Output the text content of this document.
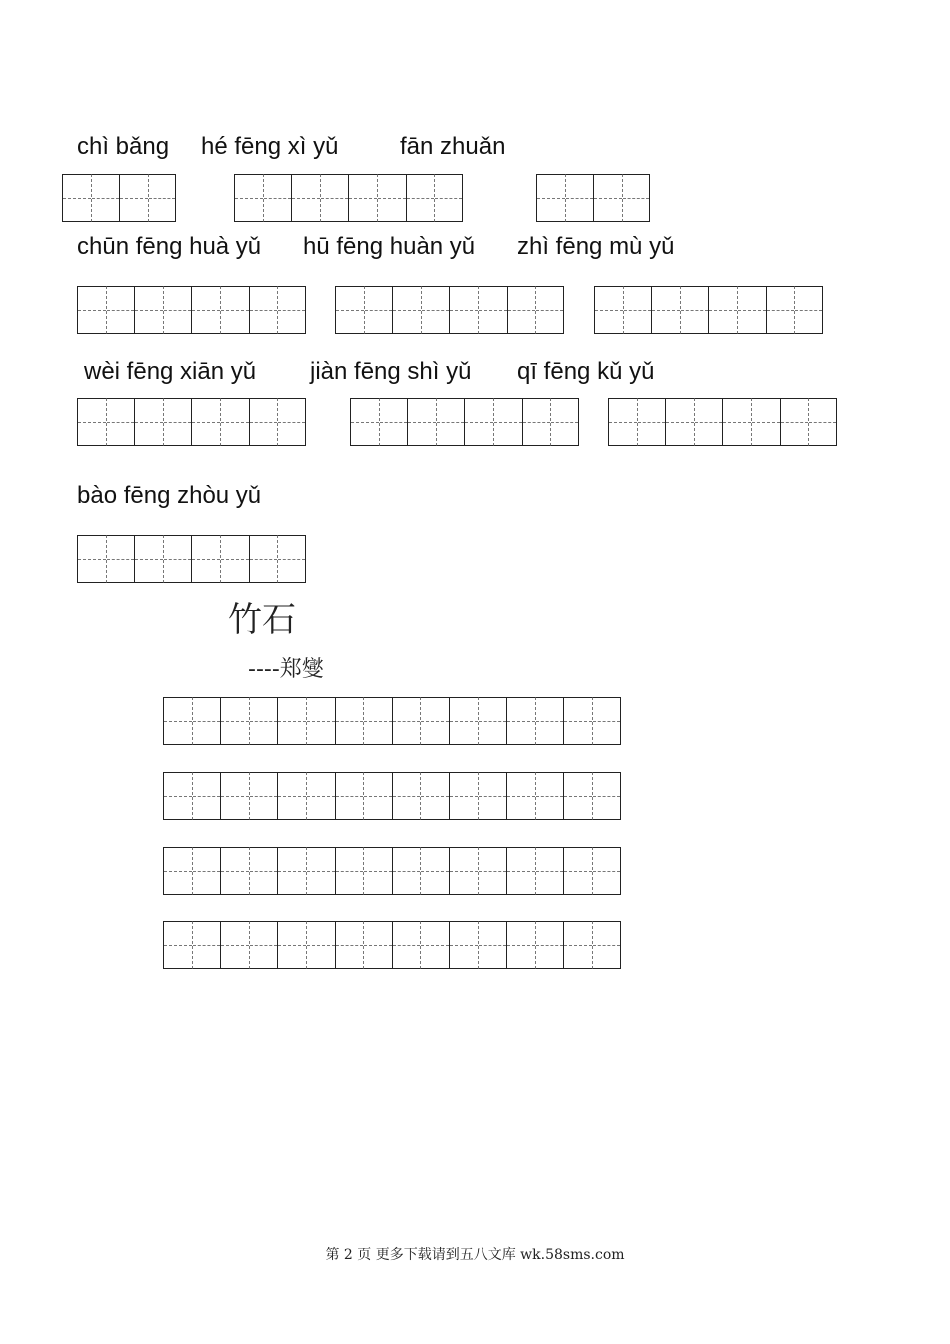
chì bǎng hé fēng xì yǔ	fān zhuǎn
chūn fēng huà yǔ hū fēng huàn yǔ zhì fēng mù yǔ
wèi fēng xiān yǔ jiàn fēng shì yǔ qī fēng kǔ yǔ
bào fēng zhòu yǔ
竹石
----郑燮
第 2 页 更多下载请到五八文库 wk.58sms.com
